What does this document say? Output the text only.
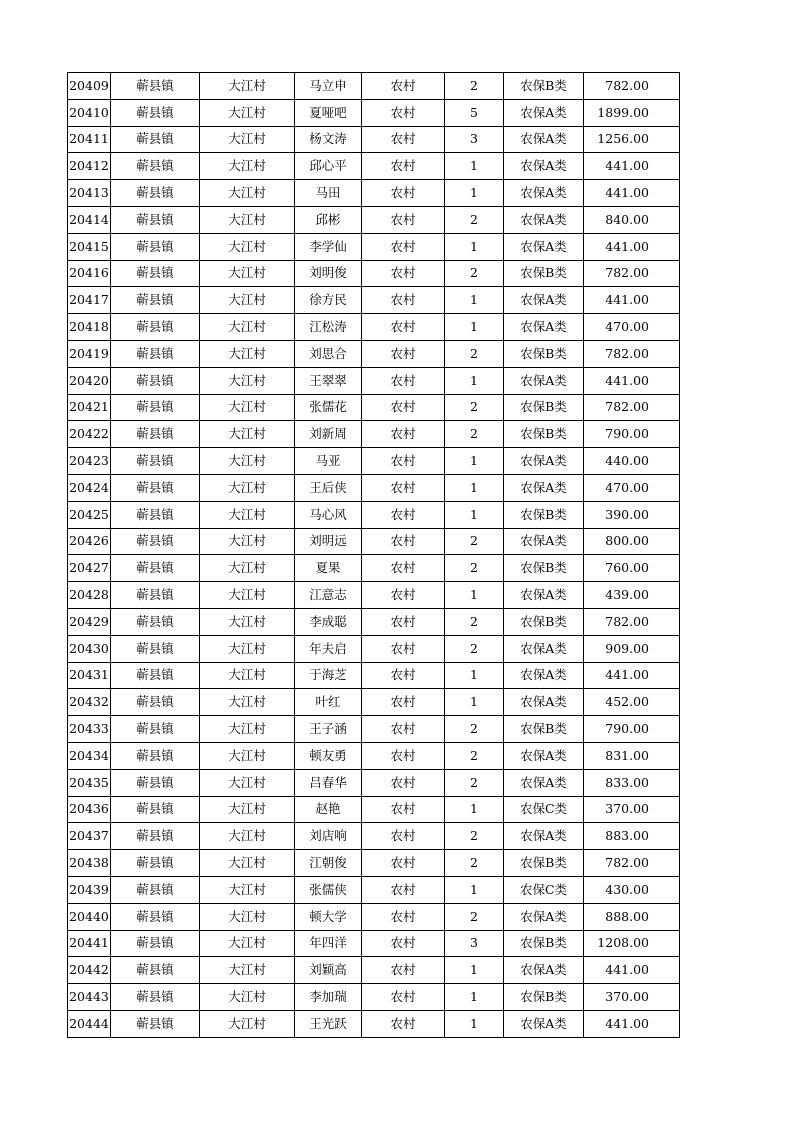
20409	蕲县镇	大江村	马立申	农村	2	农保B类	782.00
20410	蕲县镇	大江村	夏哑吧	农村	5	农保A类	1899.00
20411	蕲县镇	大江村	杨文涛	农村	3	农保A类	1256.00
20412	蕲县镇	大江村	邱心平	农村	1	农保A类	441.00
20413	蕲县镇	大江村	马田	农村	1	农保A类	441.00
20414	蕲县镇	大江村	邱彬	农村	2	农保A类	840.00
20415	蕲县镇	大江村	李学仙	农村	1	农保A类	441.00
20416	蕲县镇	大江村	刘明俊	农村	2	农保B类	782.00
20417	蕲县镇	大江村	徐方民	农村	1	农保A类	441.00
20418	蕲县镇	大江村	江松涛	农村	1	农保A类	470.00
20419	蕲县镇	大江村	刘思合	农村	2	农保B类	782.00
20420	蕲县镇	大江村	王翠翠	农村	1	农保A类	441.00
20421	蕲县镇	大江村	张儒花	农村	2	农保B类	782.00
20422	蕲县镇	大江村	刘新周	农村	2	农保B类	790.00
20423	蕲县镇	大江村	马亚	农村	1	农保A类	440.00
20424	蕲县镇	大江村	王后侠	农村	1	农保A类	470.00
20425	蕲县镇	大江村	马心风	农村	1	农保B类	390.00
20426	蕲县镇	大江村	刘明远	农村	2	农保A类	800.00
20427	蕲县镇	大江村	夏果	农村	2	农保B类	760.00
20428	蕲县镇	大江村	江意志	农村	1	农保A类	439.00
20429	蕲县镇	大江村	李成聪	农村	2	农保B类	782.00
20430	蕲县镇	大江村	年夫启	农村	2	农保A类	909.00
20431	蕲县镇	大江村	于海芝	农村	1	农保A类	441.00
20432	蕲县镇	大江村	叶红	农村	1	农保A类	452.00
20433	蕲县镇	大江村	王子涵	农村	2	农保B类	790.00
20434	蕲县镇	大江村	顿友勇	农村	2	农保A类	831.00
20435	蕲县镇	大江村	吕春华	农村	2	农保A类	833.00
20436	蕲县镇	大江村	赵艳	农村	1	农保C类	370.00
20437	蕲县镇	大江村	刘店响	农村	2	农保A类	883.00
20438	蕲县镇	大江村	江朝俊	农村	2	农保B类	782.00
20439	蕲县镇	大江村	张儒侠	农村	1	农保C类	430.00
20440	蕲县镇	大江村	顿大学	农村	2	农保A类	888.00
20441	蕲县镇	大江村	年四洋	农村	3	农保B类	1208.00
20442	蕲县镇	大江村	刘颖高	农村	1	农保A类	441.00
20443	蕲县镇	大江村	李加瑞	农村	1	农保B类	370.00
20444	蕲县镇	大江村	王光跃	农村	1	农保A类	441.00
